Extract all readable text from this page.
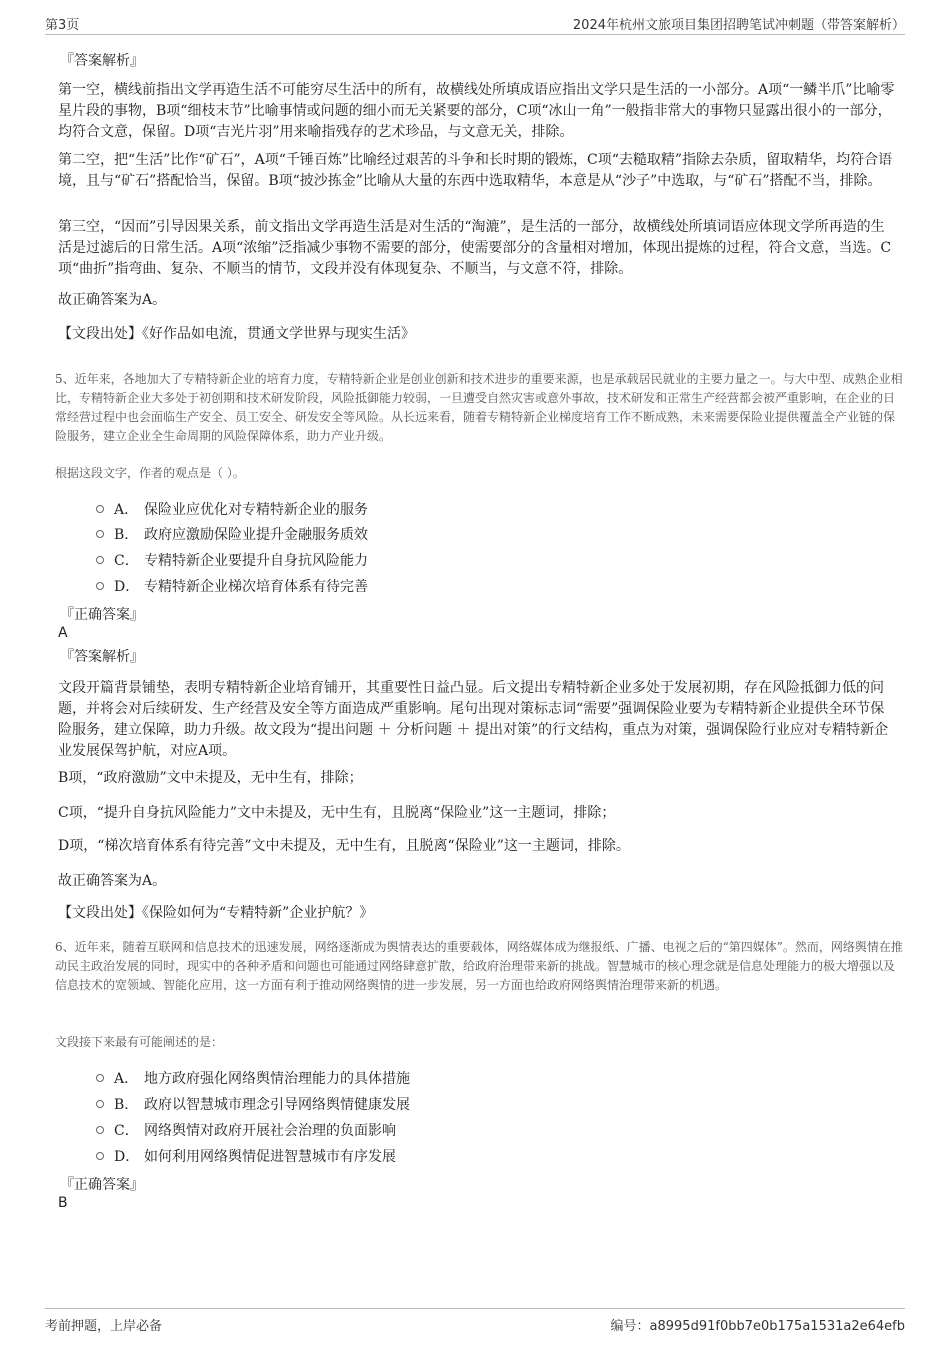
第3页	2024年杭州文旅项目集团招聘笔试冲刺题（带答案解析）
『答案解析』
第一空，横线前指出文学再造生活不可能穷尽生活中的所有，故横线处所填成语应指出文学只是生活的一小部分。A项“一鳞半爪”比喻零星片段的事物，B项“细枝末节”比喻事情或问题的细小而无关紧要的部分，C项“冰山一角”一般指非常大的事物只显露出很小的一部分，均符合文意，保留。D项“吉光片羽”用来喻指残存的艺术珍品，与文意无关，排除。
第二空，把“生活”比作“矿石”，A项“千锤百炼”比喻经过艰苦的斗争和长时期的锻炼，C项“去糙取精”指除去杂质，留取精华，均符合语境，且与“矿石”搭配恰当，保留。B项“披沙拣金”比喻从大量的东西中选取精华，本意是从“沙子”中选取，与“矿石”搭配不当，排除。
第三空，“因而”引导因果关系，前文指出文学再造生活是对生活的“淘漉”，是生活的一部分，故横线处所填词语应体现文学所再造的生活是过滤后的日常生活。A项“浓缩”泛指减少事物不需要的部分，使需要部分的含量相对增加，体现出提炼的过程，符合文意，当选。C项“曲折”指弯曲、复杂、不顺当的情节，文段并没有体现复杂、不顺当，与文意不符，排除。
故正确答案为A。
【文段出处】《好作品如电流，贯通文学世界与现实生活》
5、近年来，各地加大了专精特新企业的培育力度，专精特新企业是创业创新和技术进步的重要来源，也是承载居民就业的主要力量之一。与大中型、成熟企业相比，专精特新企业大多处于初创期和技术研发阶段，风险抵御能力较弱，一旦遭受自然灾害或意外事故，技术研发和正常生产经营都会被严重影响，在企业的日常经营过程中也会面临生产安全、员工安全、研发安全等风险。从长远来看，随着专精特新企业梯度培育工作不断成熟，未来需要保险业提供覆盖全产业链的保险服务，建立企业全生命周期的风险保障体系，助力产业升级。
根据这段文字，作者的观点是（ ）。
A． 保险业应优化对专精特新企业的服务
B． 政府应激励保险业提升金融服务质效
C． 专精特新企业要提升自身抗风险能力
D． 专精特新企业梯次培育体系有待完善
『正确答案』
A
『答案解析』
文段开篇背景铺垫，表明专精特新企业培育铺开，其重要性日益凸显。后文提出专精特新企业多处于发展初期，存在风险抵御力低的问题，并将会对后续研发、生产经营及安全等方面造成严重影响。尾句出现对策标志词“需要”强调保险业要为专精特新企业提供全环节保险服务，建立保障，助力升级。故文段为“提出问题 ＋ 分析问题 ＋ 提出对策”的行文结构，重点为对策，强调保险行业应对专精特新企业发展保驾护航，对应A项。
B项，“政府激励”文中未提及，无中生有，排除；
C项，“提升自身抗风险能力”文中未提及，无中生有，且脱离“保险业”这一主题词，排除；
D项，“梯次培育体系有待完善”文中未提及，无中生有，且脱离“保险业”这一主题词，排除。
故正确答案为A。
【文段出处】《保险如何为“专精特新”企业护航？》
6、近年来，随着互联网和信息技术的迅速发展，网络逐渐成为舆情表达的重要载体，网络媒体成为继报纸、广播、电视之后的“第四媒体”。然而，网络舆情在推动民主政治发展的同时，现实中的各种矛盾和问题也可能通过网络肆意扩散，给政府治理带来新的挑战。智慧城市的核心理念就是信息处理能力的极大增强以及信息技术的宽领域、智能化应用，这一方面有利于推动网络舆情的进一步发展，另一方面也给政府网络舆情治理带来新的机遇。
文段接下来最有可能阐述的是：
A． 地方政府强化网络舆情治理能力的具体措施
B． 政府以智慧城市理念引导网络舆情健康发展
C． 网络舆情对政府开展社会治理的负面影响
D． 如何利用网络舆情促进智慧城市有序发展
『正确答案』
B
考前押题，上岸必备	编号：a8995d91f0bb7e0b175a1531a2e64efb
